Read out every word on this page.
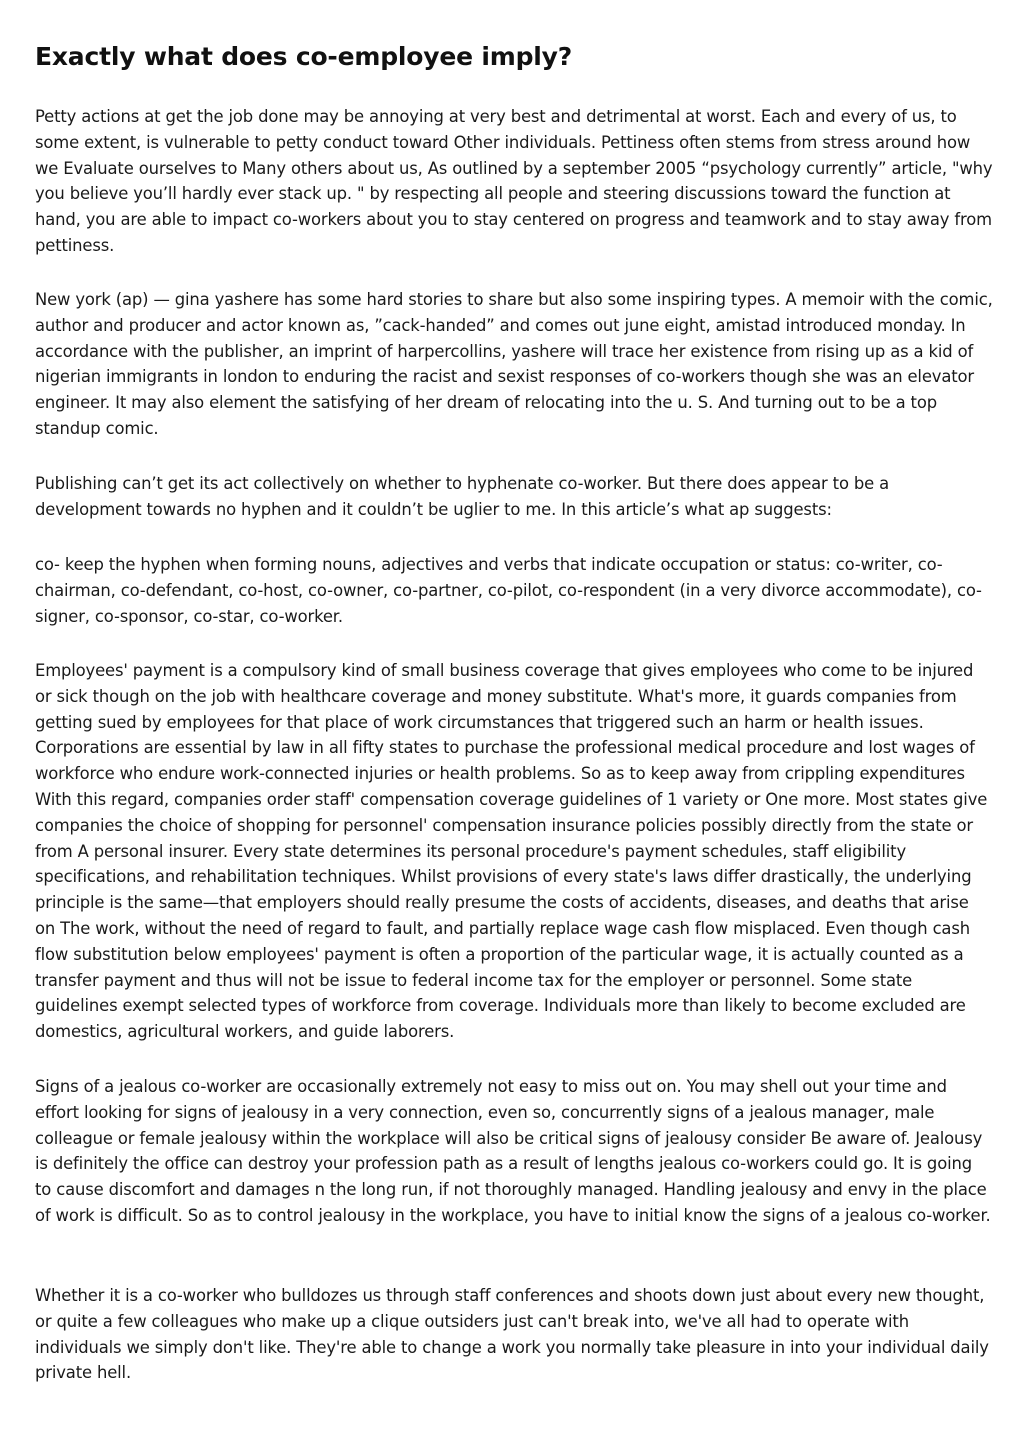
Exactly what does co-employee imply?

Petty actions at get the job done may be annoying at very best and detrimental at worst. Each and every of us, to some extent, is vulnerable to petty conduct toward Other individuals. Pettiness often stems from stress around how we Evaluate ourselves to Many others about us, As outlined by a september 2005 “psychology currently” article, "why you believe you’ll hardly ever stack up. " by respecting all people and steering discussions toward the function at hand, you are able to impact co-workers about you to stay centered on progress and teamwork and to stay away from pettiness.

New york (ap) — gina yashere has some hard stories to share but also some inspiring types. A memoir with the comic, author and producer and actor known as, ”cack-handed” and comes out june eight, amistad introduced monday. In accordance with the publisher, an imprint of harpercollins, yashere will trace her existence from rising up as a kid of nigerian immigrants in london to enduring the racist and sexist responses of co-workers though she was an elevator engineer. It may also element the satisfying of her dream of relocating into the u. S. And turning out to be a top standup comic.

Publishing can’t get its act collectively on whether to hyphenate co-worker. But there does appear to be a development towards no hyphen and it couldn’t be uglier to me. In this article’s what ap suggests:

co- keep the hyphen when forming nouns, adjectives and verbs that indicate occupation or status: co-writer, co-chairman, co-defendant, co-host, co-owner, co-partner, co-pilot, co-respondent (in a very divorce accommodate), co-signer, co-sponsor, co-star, co-worker.

Employees' payment is a compulsory kind of small business coverage that gives employees who come to be injured or sick though on the job with healthcare coverage and money substitute. What's more, it guards companies from getting sued by employees for that place of work circumstances that triggered such an harm or health issues. Corporations are essential by law in all fifty states to purchase the professional medical procedure and lost wages of workforce who endure work-connected injuries or health problems. So as to keep away from crippling expenditures With this regard, companies order staff' compensation coverage guidelines of 1 variety or One more. Most states give companies the choice of shopping for personnel' compensation insurance policies possibly directly from the state or from A personal insurer. Every state determines its personal procedure's payment schedules, staff eligibility specifications, and rehabilitation techniques. Whilst provisions of every state's laws differ drastically, the underlying principle is the same—that employers should really presume the costs of accidents, diseases, and deaths that arise on The work, without the need of regard to fault, and partially replace wage cash flow misplaced. Even though cash flow substitution below employees' payment is often a proportion of the particular wage, it is actually counted as a transfer payment and thus will not be issue to federal income tax for the employer or personnel. Some state guidelines exempt selected types of workforce from coverage. Individuals more than likely to become excluded are domestics, agricultural workers, and guide laborers.

Signs of a jealous co-worker are occasionally extremely not easy to miss out on. You may shell out your time and effort looking for signs of jealousy in a very connection, even so, concurrently signs of a jealous manager, male colleague or female jealousy within the workplace will also be critical signs of jealousy consider Be aware of. Jealousy is definitely the office can destroy your profession path as a result of lengths jealous co-workers could go. It is going to cause discomfort and damages n the long run, if not thoroughly managed. Handling jealousy and envy in the place of work is difficult. So as to control jealousy in the workplace, you have to initial know the signs of a jealous co-worker.

Whether it is a co-worker who bulldozes us through staff conferences and shoots down just about every new thought, or quite a few colleagues who make up a clique outsiders just can't break into, we've all had to operate with individuals we simply don't like. They're able to change a work you normally take pleasure in into your individual daily private hell.
